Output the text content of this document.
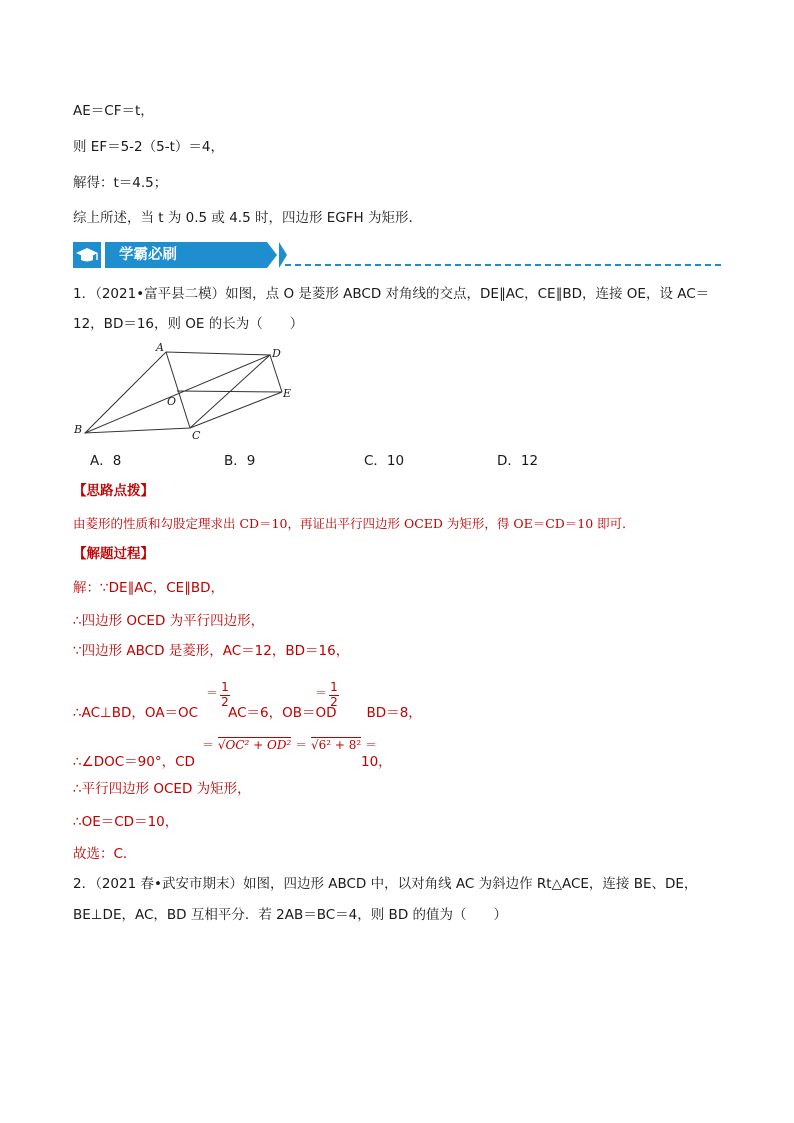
AE＝CF＝t，
则 EF＝5-2（5-t）＝4，
解得：t＝4.5；
综上所述，当 t 为 0.5 或 4.5 时，四边形 EGFH 为矩形．
学霸必刷
1．（2021•富平县二模）如图，点 O 是菱形 ABCD 对角线的交点，DE∥AC，CE∥BD，连接 OE，设 AC＝
12，BD＝16，则 OE 的长为（　　）
A	D
E
O
B	C
A．8	B．9	C．10	D．12
【思路点拨】
由菱形的性质和勾股定理求出 CD＝10，再证出平行四边形 OCED 为矩形，得 OE＝CD＝10 即可．
【解题过程】
解：∵DE∥AC，CE∥BD，
∴四边形 OCED 为平行四边形，
∵四边形 ABCD 是菱形，AC＝12，BD＝16，
∴AC⊥BD，OA＝OC AC＝6，OB＝OD BD＝8，
＝ 1
2
＝ 1
2
∴∠DOC＝90°，CD
＝ √OC² + OD² ＝ √6² + 8² ＝
10，
∴平行四边形 OCED 为矩形，
∴OE＝CD＝10，
故选：C．
2．（2021 春•武安市期末）如图，四边形 ABCD 中，以对角线 AC 为斜边作 Rt△ACE，连接 BE、DE，
BE⊥DE，AC，BD 互相平分．若 2AB＝BC＝4，则 BD 的值为（　　）
